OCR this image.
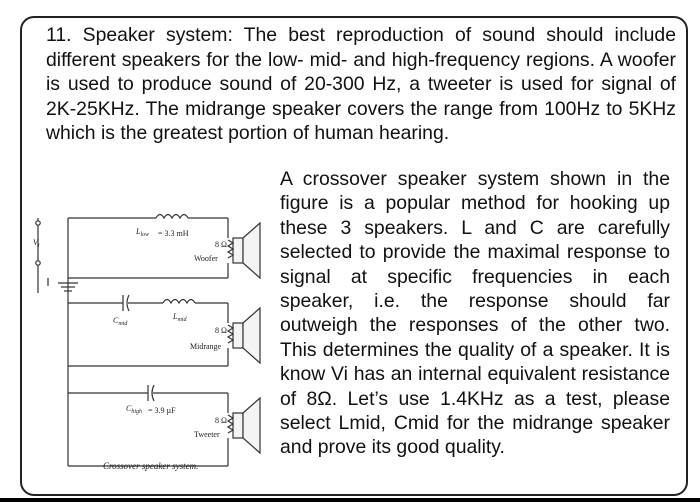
11. Speaker system: The best reproduction of sound should include different speakers for the low- mid- and high-frequency regions. A woofer is used to produce sound of 20-300 Hz, a tweeter is used for signal of 2K-25KHz. The midrange speaker covers the range from 100Hz to 5KHz which is the greatest portion of human hearing.
$V_i$
$L_{low} = 3.3$ mH
8 Ω
Woofer
$C_{mid}$
$L_{mid}$
8 Ω
Midrange
$C_{high} = 3.9$ µF
8 Ω
Tweeter
Crossover speaker system.
A crossover speaker system shown in the figure is a popular method for hooking up these 3 speakers. L and C are carefully selected to provide the maximal response to signal at specific frequencies in each speaker, i.e. the response should far outweigh the responses of the other two. This determines the quality of a speaker. It is know Vi has an internal equivalent resistance of 8Ω. Let’s use 1.4KHz as a test, please select Lmid, Cmid for the midrange speaker and prove its good quality.
